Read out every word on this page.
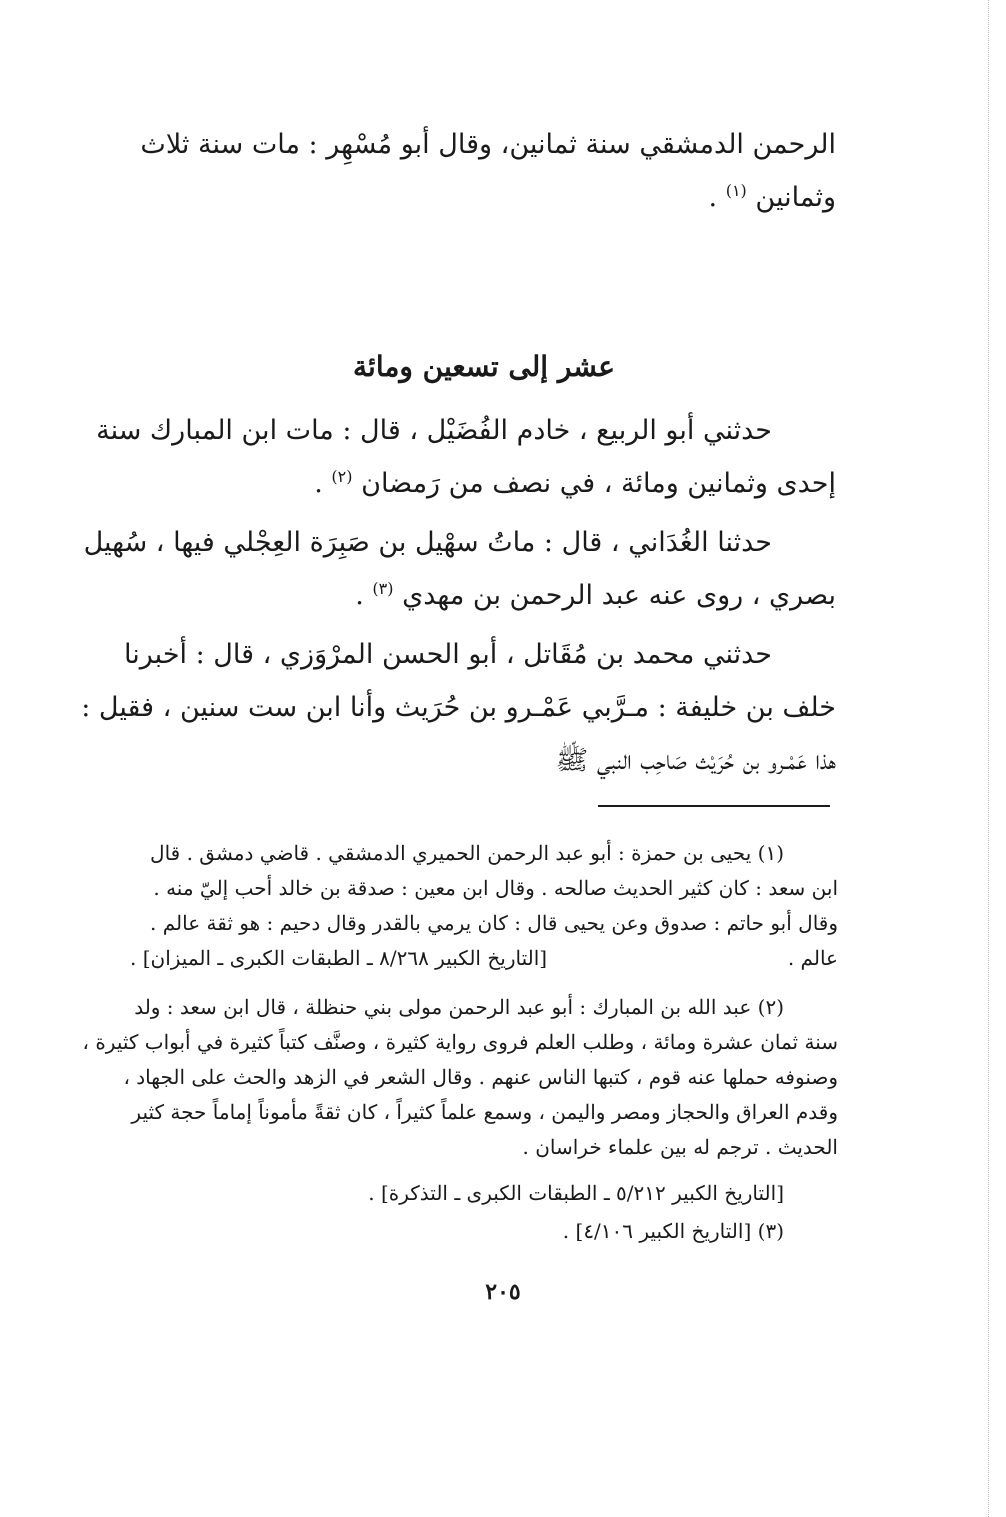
الرحمن الدمشقي سنة ثمانين، وقال أبو مُسْهِر : مات سنة ثلاث
وثمانين $^{(١)}$ .
عشر إلى تسعين ومائة
حدثني أبو الربيع ، خادم الفُضَيْل ، قال : مات ابن المبارك سنة
إحدى وثمانين ومائة ، في نصف من رَمضان $^{(٢)}$ .
حدثنا الغُدَاني ، قال : ماتُ سهْيل بن صَبِرَة العِجْلي فيها ، سُهيل
بصري ، روى عنه عبد الرحمن بن مهدي $^{(٣)}$ .
حدثني محمد بن مُقَاتل ، أبو الحسن المرْوَزي ، قال : أخبرنا
خلف بن خليفة : مـرَّبي عَمْـرو بن حُرَيث وأنا ابن ست سنين ، فقيل :
هذا عَمْـرو بن حُرَيْث صَاحِب النبي ﷺ
(١) يحيى بن حمزة : أبو عبد الرحمن الحميري الدمشقي . قاضي دمشق . قال
ابن سعد : كان كثير الحديث صالحه . وقال ابن معين : صدقة بن خالد أحب إليّ منه .
وقال أبو حاتم : صدوق وعن يحيى قال : كان يرمي بالقدر وقال دحيم : هو ثقة عالم .
عالم .
[التاريخ الكبير ٨/٢٦٨ ـ الطبقات الكبرى ـ الميزان] .
(٢) عبد الله بن المبارك : أبو عبد الرحمن مولى بني حنظلة ، قال ابن سعد : ولد
سنة ثمان عشرة ومائة ، وطلب العلم فروى رواية كثيرة ، وصنَّف كتباً كثيرة في أبواب كثيرة ،
وصنوفه حملها عنه قوم ، كتبها الناس عنهم . وقال الشعر في الزهد والحث على الجهاد ،
وقدم العراق والحجاز ومصر واليمن ، وسمع علماً كثيراً ، كان ثقةً مأموناً إماماً حجة كثير
الحديث . ترجم له بين علماء خراسان .
[التاريخ الكبير ٥/٢١٢ ـ الطبقات الكبرى ـ التذكرة] .
(٣) [التاريخ الكبير ٤/١٠٦] .
٢٠٥
